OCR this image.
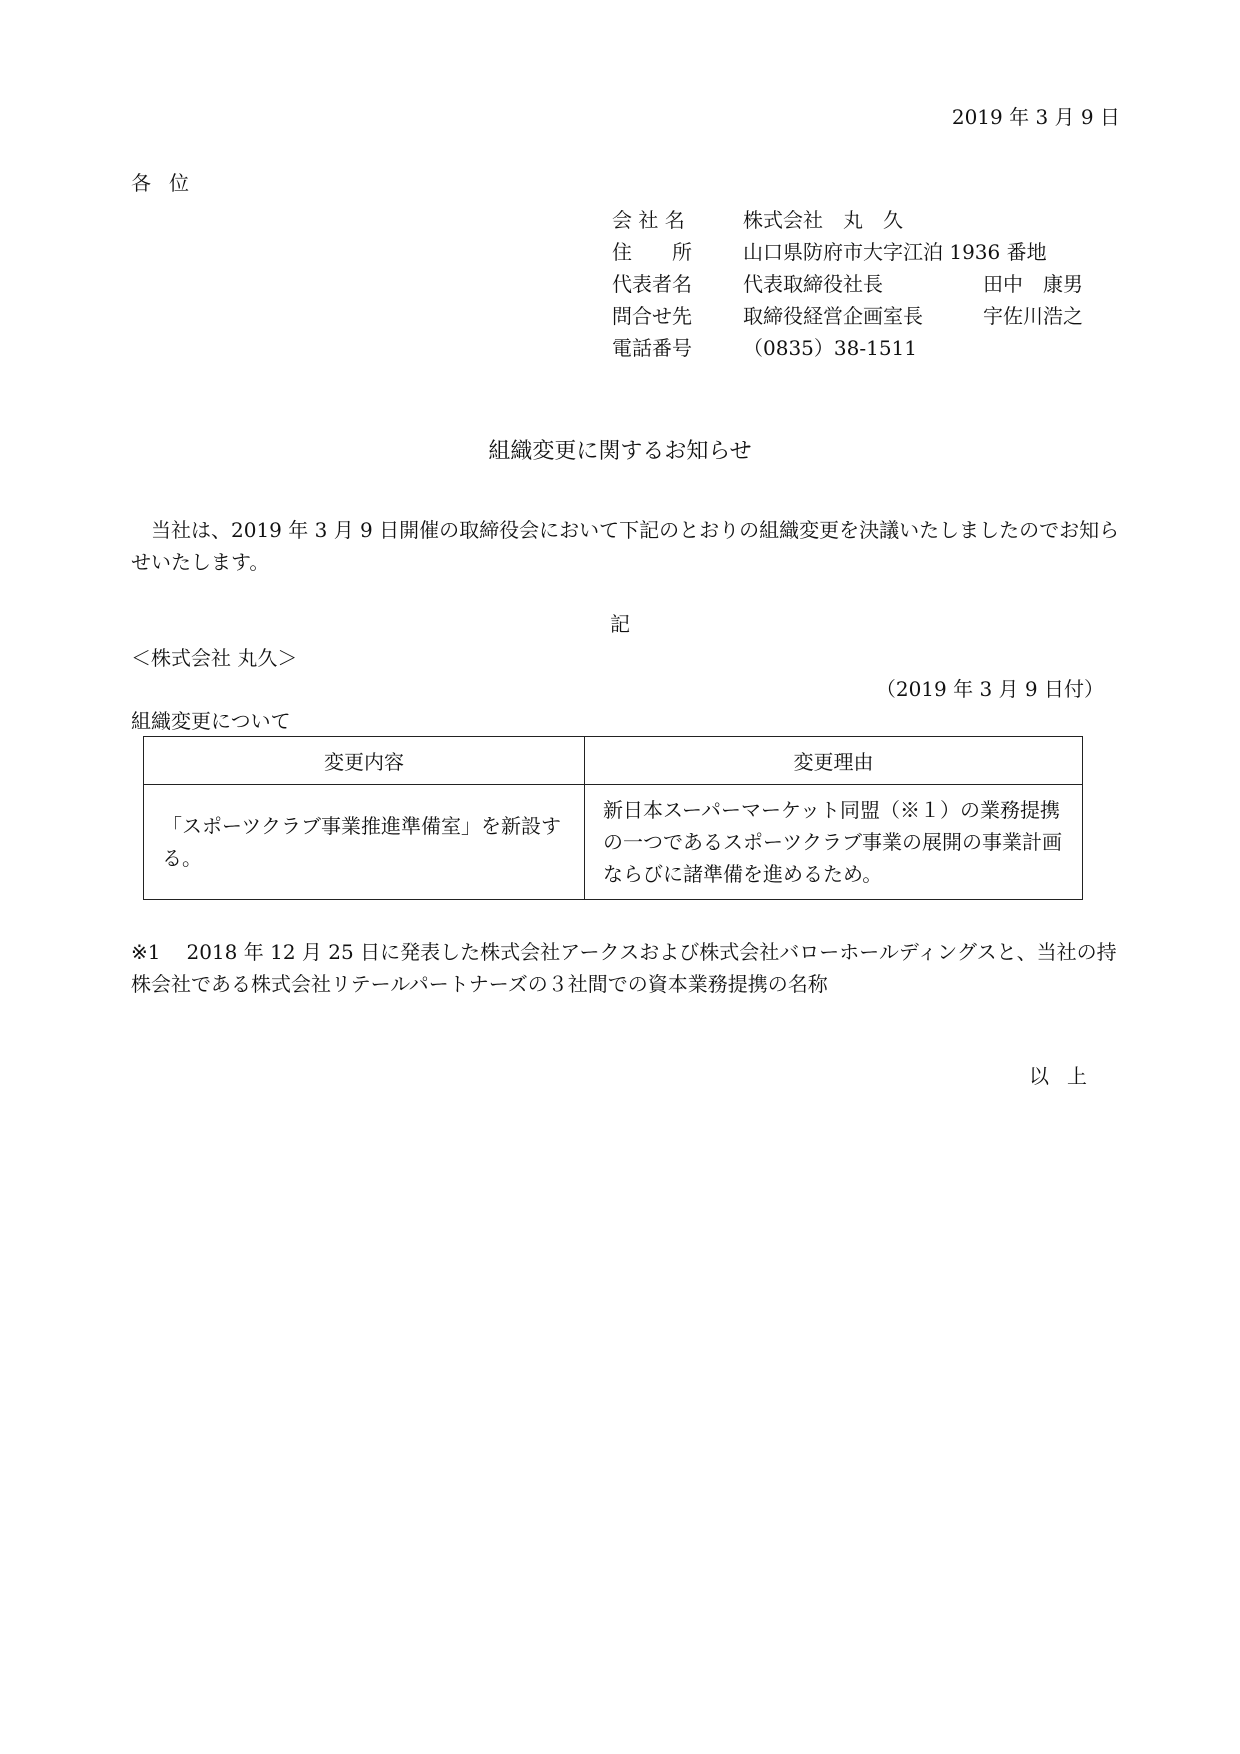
2019 年 3 月 9 日
各位
会 社 名	株式会社　丸　久
住　　所	山口県防府市大字江泊 1936 番地
代表者名	代表取締役社長	田中　康男
問合せ先	取締役経営企画室長	宇佐川浩之
電話番号	（0835）38-1511
組織変更に関するお知らせ
当社は、2019 年 3 月 9 日開催の取締役会において下記のとおりの組織変更を決議いたしましたのでお知らせいたします。
記
＜株式会社 丸久＞
（2019 年 3 月 9 日付）
組織変更について
変更内容	変更理由
「スポーツクラブ事業推進準備室」を新設する。	新日本スーパーマーケット同盟（※１）の業務提携の一つであるスポーツクラブ事業の展開の事業計画ならびに諸準備を進めるため。
※1 2018 年 12 月 25 日に発表した株式会社アークスおよび株式会社バローホールディングスと、当社の持株会社である株式会社リテールパートナーズの３社間での資本業務提携の名称
以上
